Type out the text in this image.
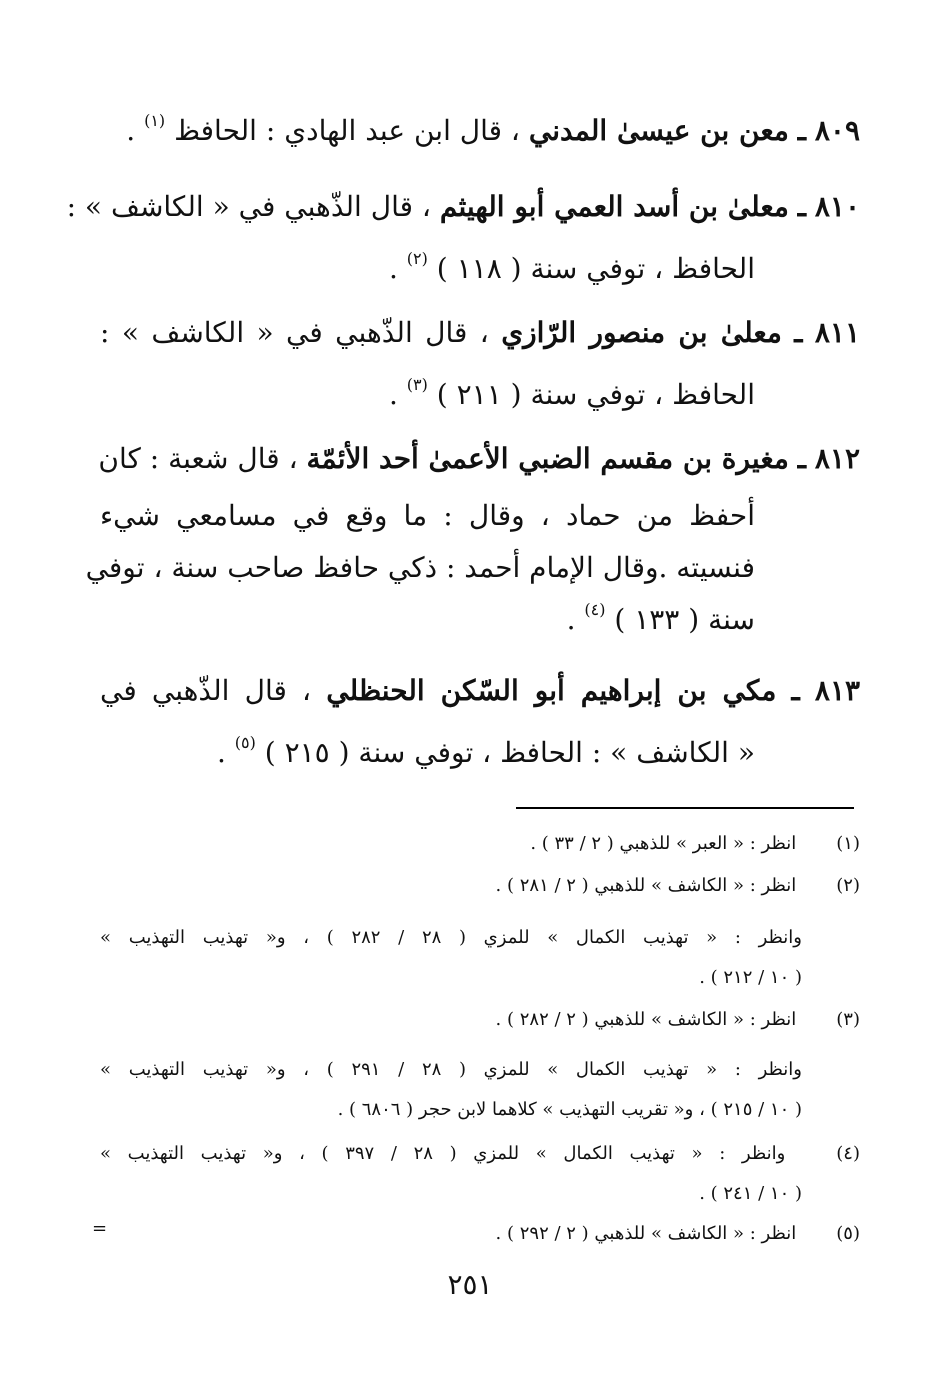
٨٠٩ ـ معن بن عيسىٰ المدني ، قال ابن عبد الهادي : الحافظ $^{(١)}$ .
٨١٠ ـ معلىٰ بن أسد العمي أبو الهيثم ، قال الذّهبي في « الكاشف » :
الحافظ ، توفي سنة ( ١١٨ ) $^{(٢)}$ .
٨١١ ـ معلىٰ بن منصور الرّازي ، قال الذّهبي في « الكاشف » :
الحافظ ، توفي سنة ( ٢١١ ) $^{(٣)}$ .
٨١٢ ـ مغيرة بن مقسم الضبي الأعمىٰ أحد الأئمّة ، قال شعبة : كان
أحفظ من حماد ، وقال : ما وقع في مسامعي شيء
فنسيته .وقال الإمام أحمد : ذكي حافظ صاحب سنة ، توفي
سنة ( ١٣٣ ) $^{(٤)}$ .
٨١٣ ـ مكي بن إبراهيم أبو السّكن الحنظلي ، قال الذّهبي في
« الكاشف » : الحافظ ، توفي سنة ( ٢١٥ ) $^{(٥)}$ .
(١) انظر : « العبر » للذهبي ( ٢ / ٣٣ ) .
(٢) انظر : « الكاشف » للذهبي ( ٢ / ٢٨١ ) .
وانظر : « تهذيب الكمال » للمزي ( ٢٨ / ٢٨٢ ) ، و« تهذيب التهذيب »
( ١٠ / ٢١٢ ) .
(٣) انظر : « الكاشف » للذهبي ( ٢ / ٢٨٢ ) .
وانظر : « تهذيب الكمال » للمزي ( ٢٨ / ٢٩١ ) ، و« تهذيب التهذيب »
( ١٠ / ٢١٥ ) ، و« تقريب التهذيب » كلاهما لابن حجر ( ٦٨٠٦ ) .
(٤) وانظر : « تهذيب الكمال » للمزي ( ٢٨ / ٣٩٧ ) ، و« تهذيب التهذيب »
( ١٠ / ٢٤١ ) .
(٥) انظر : « الكاشف » للذهبي ( ٢ / ٢٩٢ ) .
=
٢٥١
